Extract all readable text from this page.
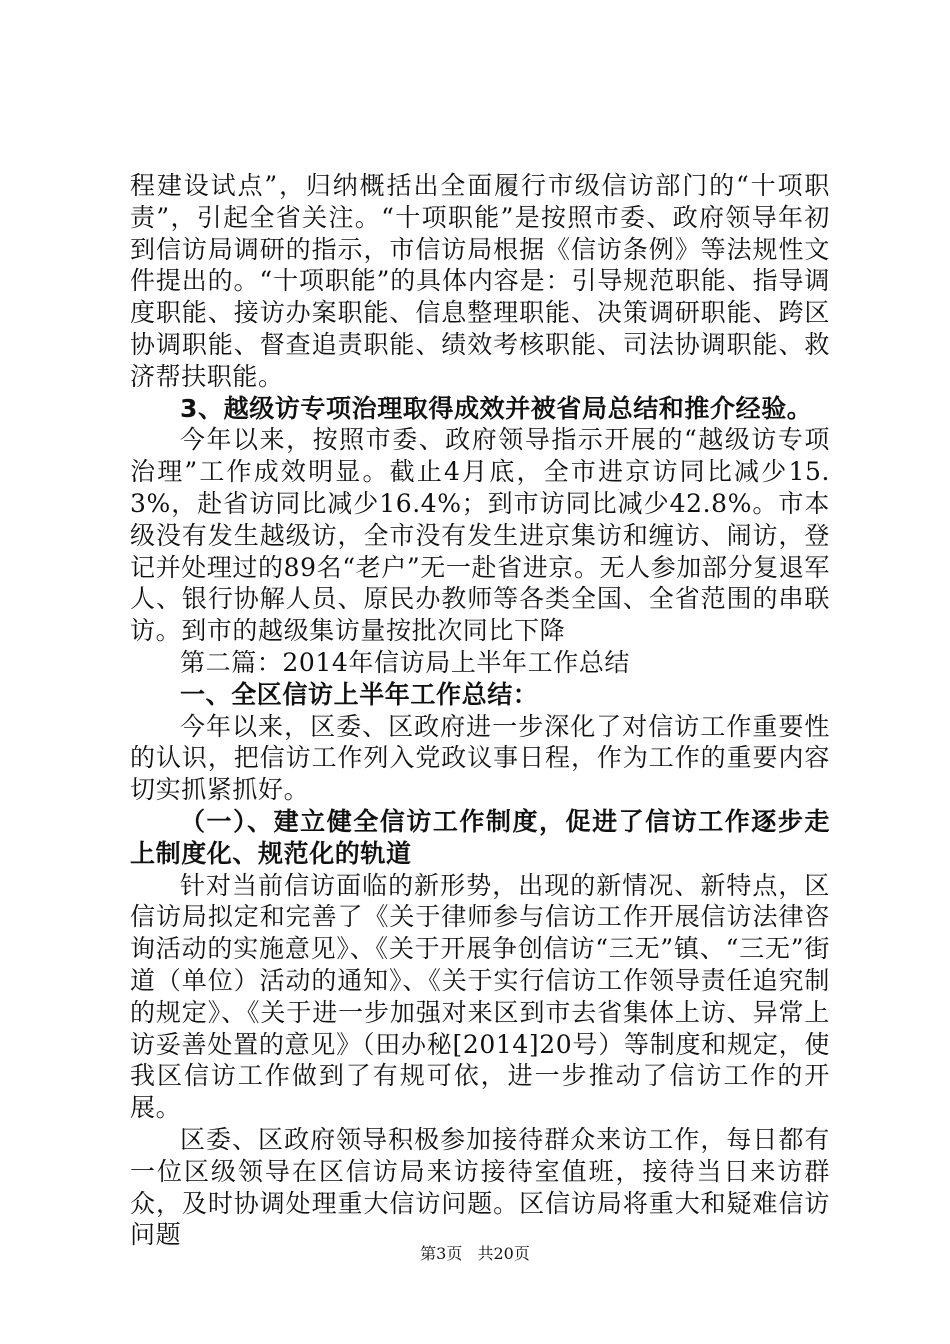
程建设试点”，归纳概括出全面履行市级信访部门的“十项职责”，引起全省关注。“十项职能”是按照市委、政府领导年初到信访局调研的指示，市信访局根据《信访条例》等法规性文件提出的。“十项职能”的具体内容是：引导规范职能、指导调度职能、接访办案职能、信息整理职能、决策调研职能、跨区协调职能、督查追责职能、绩效考核职能、司法协调职能、救济帮扶职能。

3、越级访专项治理取得成效并被省局总结和推介经验。

今年以来，按照市委、政府领导指示开展的“越级访专项治理”工作成效明显。截止4月底，全市进京访同比减少15.3%，赴省访同比减少16.4%；到市访同比减少42.8%。市本级没有发生越级访，全市没有发生进京集访和缠访、闹访，登记并处理过的89名“老户”无一赴省进京。无人参加部分复退军人、银行协解人员、原民办教师等各类全国、全省范围的串联访。到市的越级集访量按批次同比下降

第二篇：2014年信访局上半年工作总结

一、全区信访上半年工作总结：

今年以来，区委、区政府进一步深化了对信访工作重要性的认识，把信访工作列入党政议事日程，作为工作的重要内容切实抓紧抓好。

（一）、建立健全信访工作制度，促进了信访工作逐步走上制度化、规范化的轨道

针对当前信访面临的新形势，出现的新情况、新特点，区信访局拟定和完善了《关于律师参与信访工作开展信访法律咨询活动的实施意见》、《关于开展争创信访“三无”镇、“三无”街道（单位）活动的通知》、《关于实行信访工作领导责任追究制的规定》、《关于进一步加强对来区到市去省集体上访、异常上访妥善处置的意见》（田办秘[2014]20号）等制度和规定，使我区信访工作做到了有规可依，进一步推动了信访工作的开展。

区委、区政府领导积极参加接待群众来访工作，每日都有一位区级领导在区信访局来访接待室值班，接待当日来访群众，及时协调处理重大信访问题。区信访局将重大和疑难信访问题

第3页 共20页
